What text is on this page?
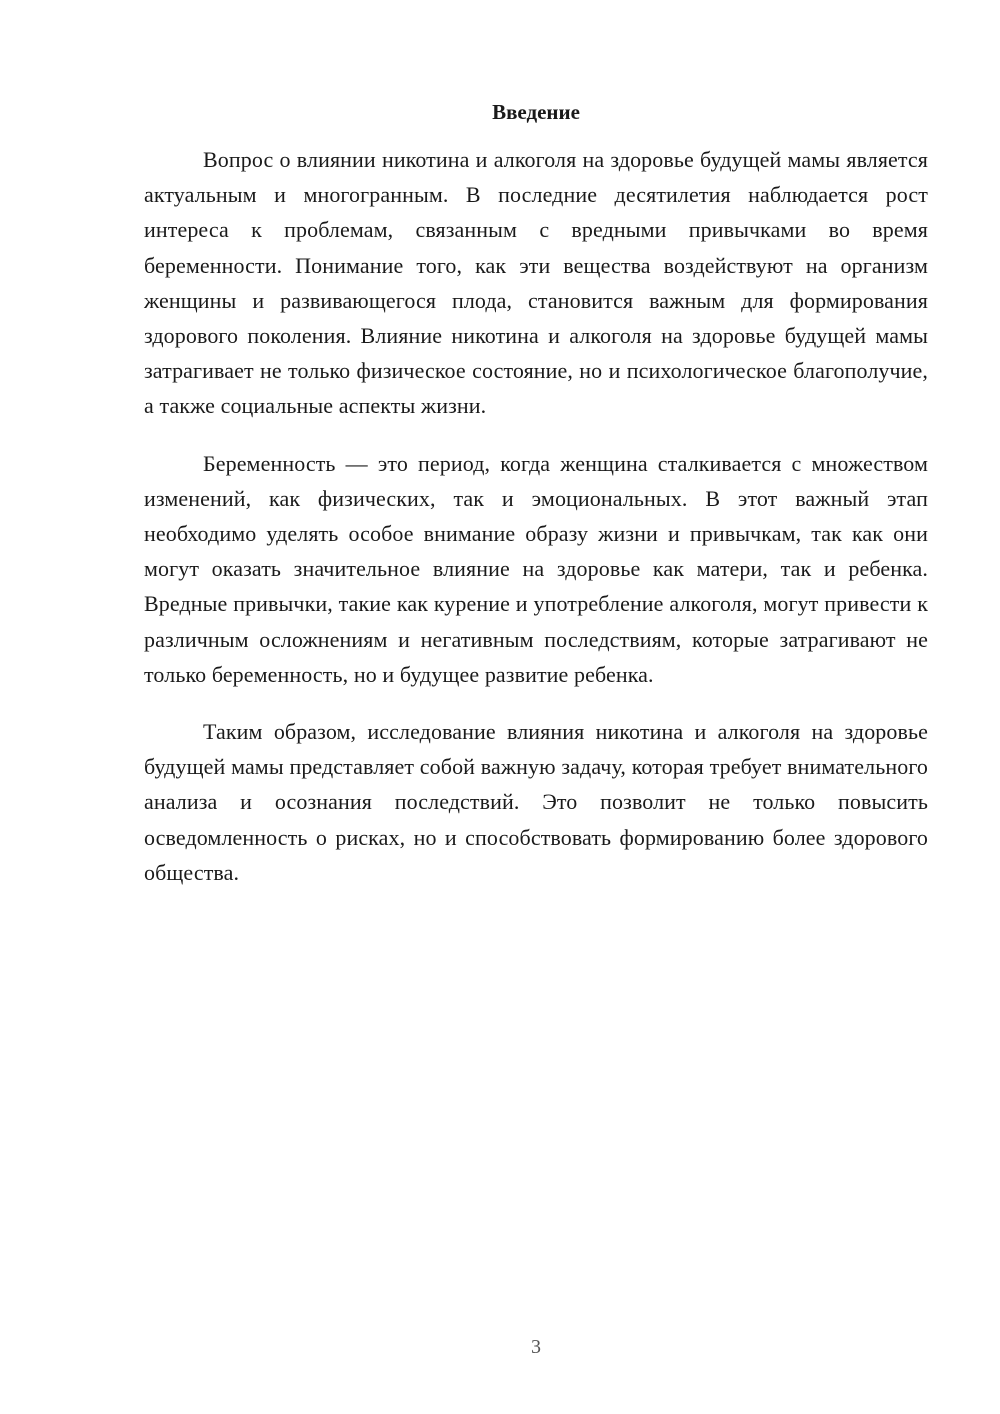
Введение

Вопрос о влиянии никотина и алкоголя на здоровье будущей мамы является актуальным и многогранным. В последние десятилетия наблюдается рост интереса к проблемам, связанным с вредными привычками во время беременности. Понимание того, как эти вещества воздействуют на организм женщины и развивающегося плода, становится важным для формирования здорового поколения. Влияние никотина и алкоголя на здоровье будущей мамы затрагивает не только физическое состояние, но и психологическое благополучие, а также социальные аспекты жизни.

Беременность — это период, когда женщина сталкивается с множеством изменений, как физических, так и эмоциональных. В этот важный этап необходимо уделять особое внимание образу жизни и привычкам, так как они могут оказать значительное влияние на здоровье как матери, так и ребенка. Вредные привычки, такие как курение и употребление алкоголя, могут привести к различным осложнениям и негативным последствиям, которые затрагивают не только беременность, но и будущее развитие ребенка.

Таким образом, исследование влияния никотина и алкоголя на здоровье будущей мамы представляет собой важную задачу, которая требует внимательного анализа и осознания последствий. Это позволит не только повысить осведомленность о рисках, но и способствовать формированию более здорового общества.

3
